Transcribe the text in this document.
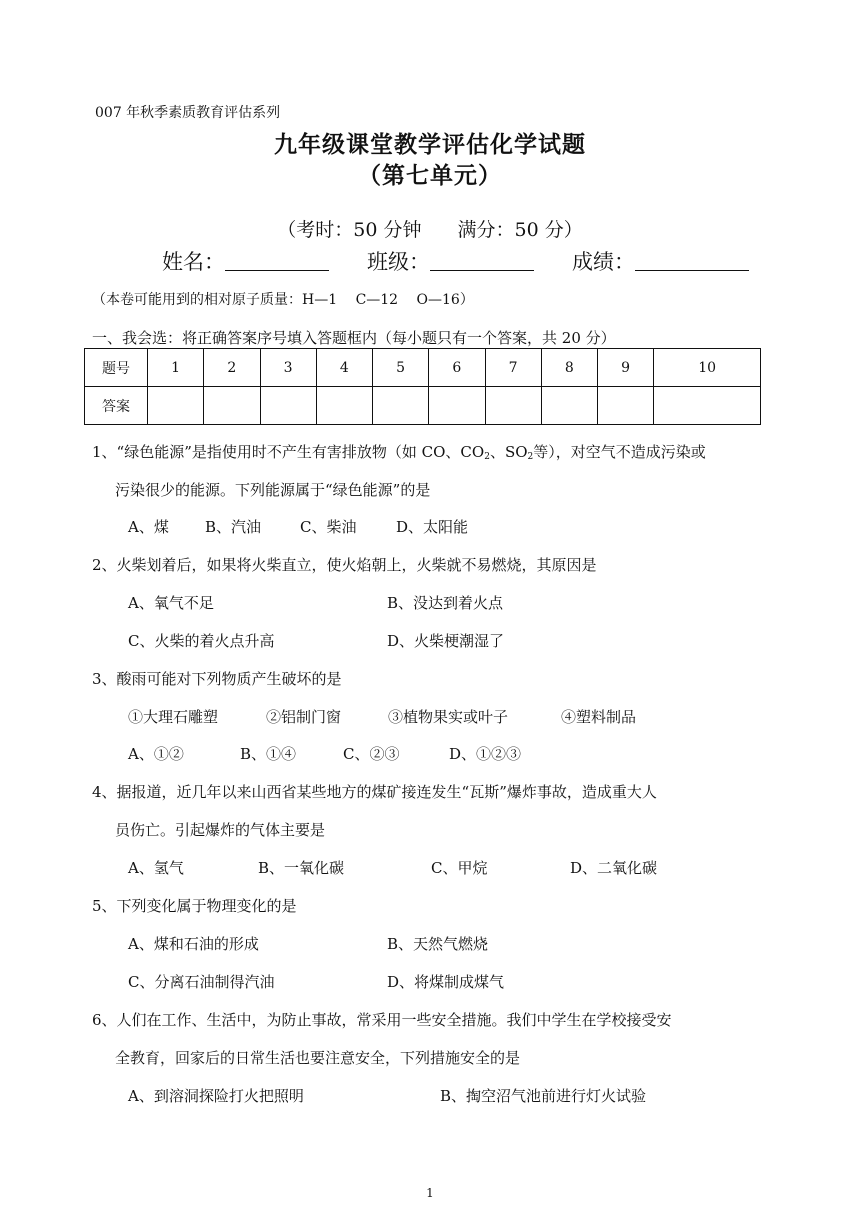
007 年秋季素质教育评估系列
九年级课堂教学评估化学试题
（第七单元）
（考时：50 分钟 满分：50 分）
姓名：	班级：	成绩：
（本卷可能用到的相对原子质量：H—1　 C—12　 O—16）
一、我会选：将正确答案序号填入答题框内（每小题只有一个答案，共 20 分）
题号	1	2	3	4	5	6	7	8	9	10
答案										
1、“绿色能源”是指使用时不产生有害排放物（如 CO、$CO_2$、$SO_2$等），对空气不造成污染或
污染很少的能源。下列能源属于“绿色能源”的是
A、煤 B、汽油	C、柴油	D、太阳能
2、火柴划着后，如果将火柴直立，使火焰朝上，火柴就不易燃烧，其原因是
A、氧气不足	B、没达到着火点
C、火柴的着火点升高	D、火柴梗潮湿了
3、酸雨可能对下列物质产生破坏的是
①大理石雕塑	②铝制门窗	③植物果实或叶子	④塑料制品
A、①②	B、①④	C、②③	D、①②③
4、据报道，近几年以来山西省某些地方的煤矿接连发生“瓦斯”爆炸事故，造成重大人
员伤亡。引起爆炸的气体主要是
A、氢气	B、一氧化碳	C、甲烷	D、二氧化碳
5、下列变化属于物理变化的是
A、煤和石油的形成	B、天然气燃烧
C、分离石油制得汽油	D、将煤制成煤气
6、人们在工作、生活中，为防止事故，常采用一些安全措施。我们中学生在学校接受安
全教育，回家后的日常生活也要注意安全，下列措施安全的是
A、到溶洞探险打火把照明	B、掏空沼气池前进行灯火试验
1
